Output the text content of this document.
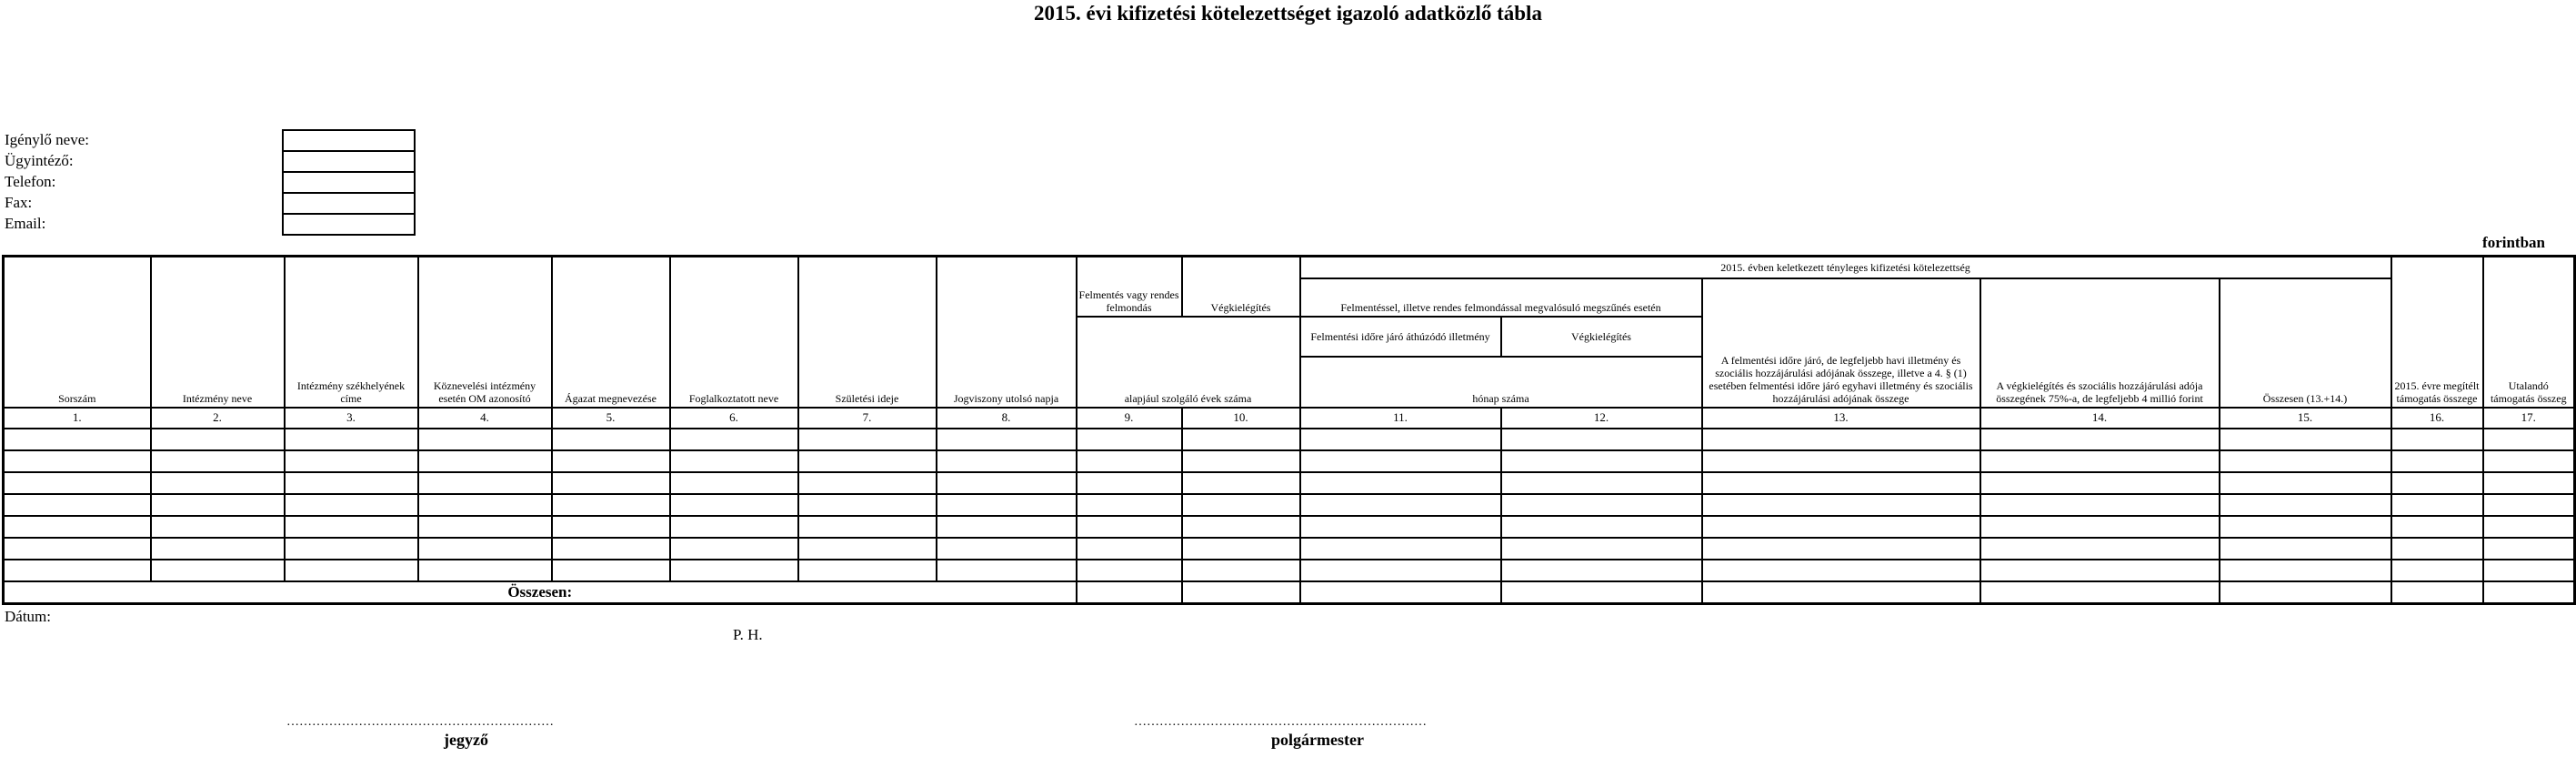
2015. évi kifizetési kötelezettséget igazoló adatközlő tábla
Igénylő neve:
Ügyintéző:
Telefon:
Fax:
Email:
forintban
Sorszám	Intézmény neve	Intézmény székhelyének címe	Köznevelési intézmény esetén OM azonosító	Ágazat megnevezése	Foglalkoztatott neve	Születési ideje	Jogviszony utolsó napja	Felmentés vagy rendes felmondás	Végkielégítés	2015. évben keletkezett tényleges kifizetési kötelezettség					2015. évre megítélt támogatás összege	Utalandó támogatás összeg
										Felmentéssel, illetve rendes felmondással megvalósuló megszűnés esetén		A felmentési időre járó, de legfeljebb havi illetmény és szociális hozzájárulási adójának összege, illetve a 4. § (1) esetében felmentési időre járó egyhavi illetmény és szociális hozzájárulási adójának összege	A végkielégítés és szociális hozzájárulási adója összegének 75%-a, de legfeljebb 4 millió forint	Összesen (13.+14.)		
								alapjául szolgáló évek száma		Felmentési időre járó áthúzódó illetmény	Végkielégítés					
										hónap száma						

1.	2.	3.	4.	5.	6.	7.	8.	9.	10.	11.	12.	13.	14.	15.	16.	17.

Összesen:																
Dátum:
P. H.
………………………………………………………
jegyző
……………………………………………………………
polgármester
